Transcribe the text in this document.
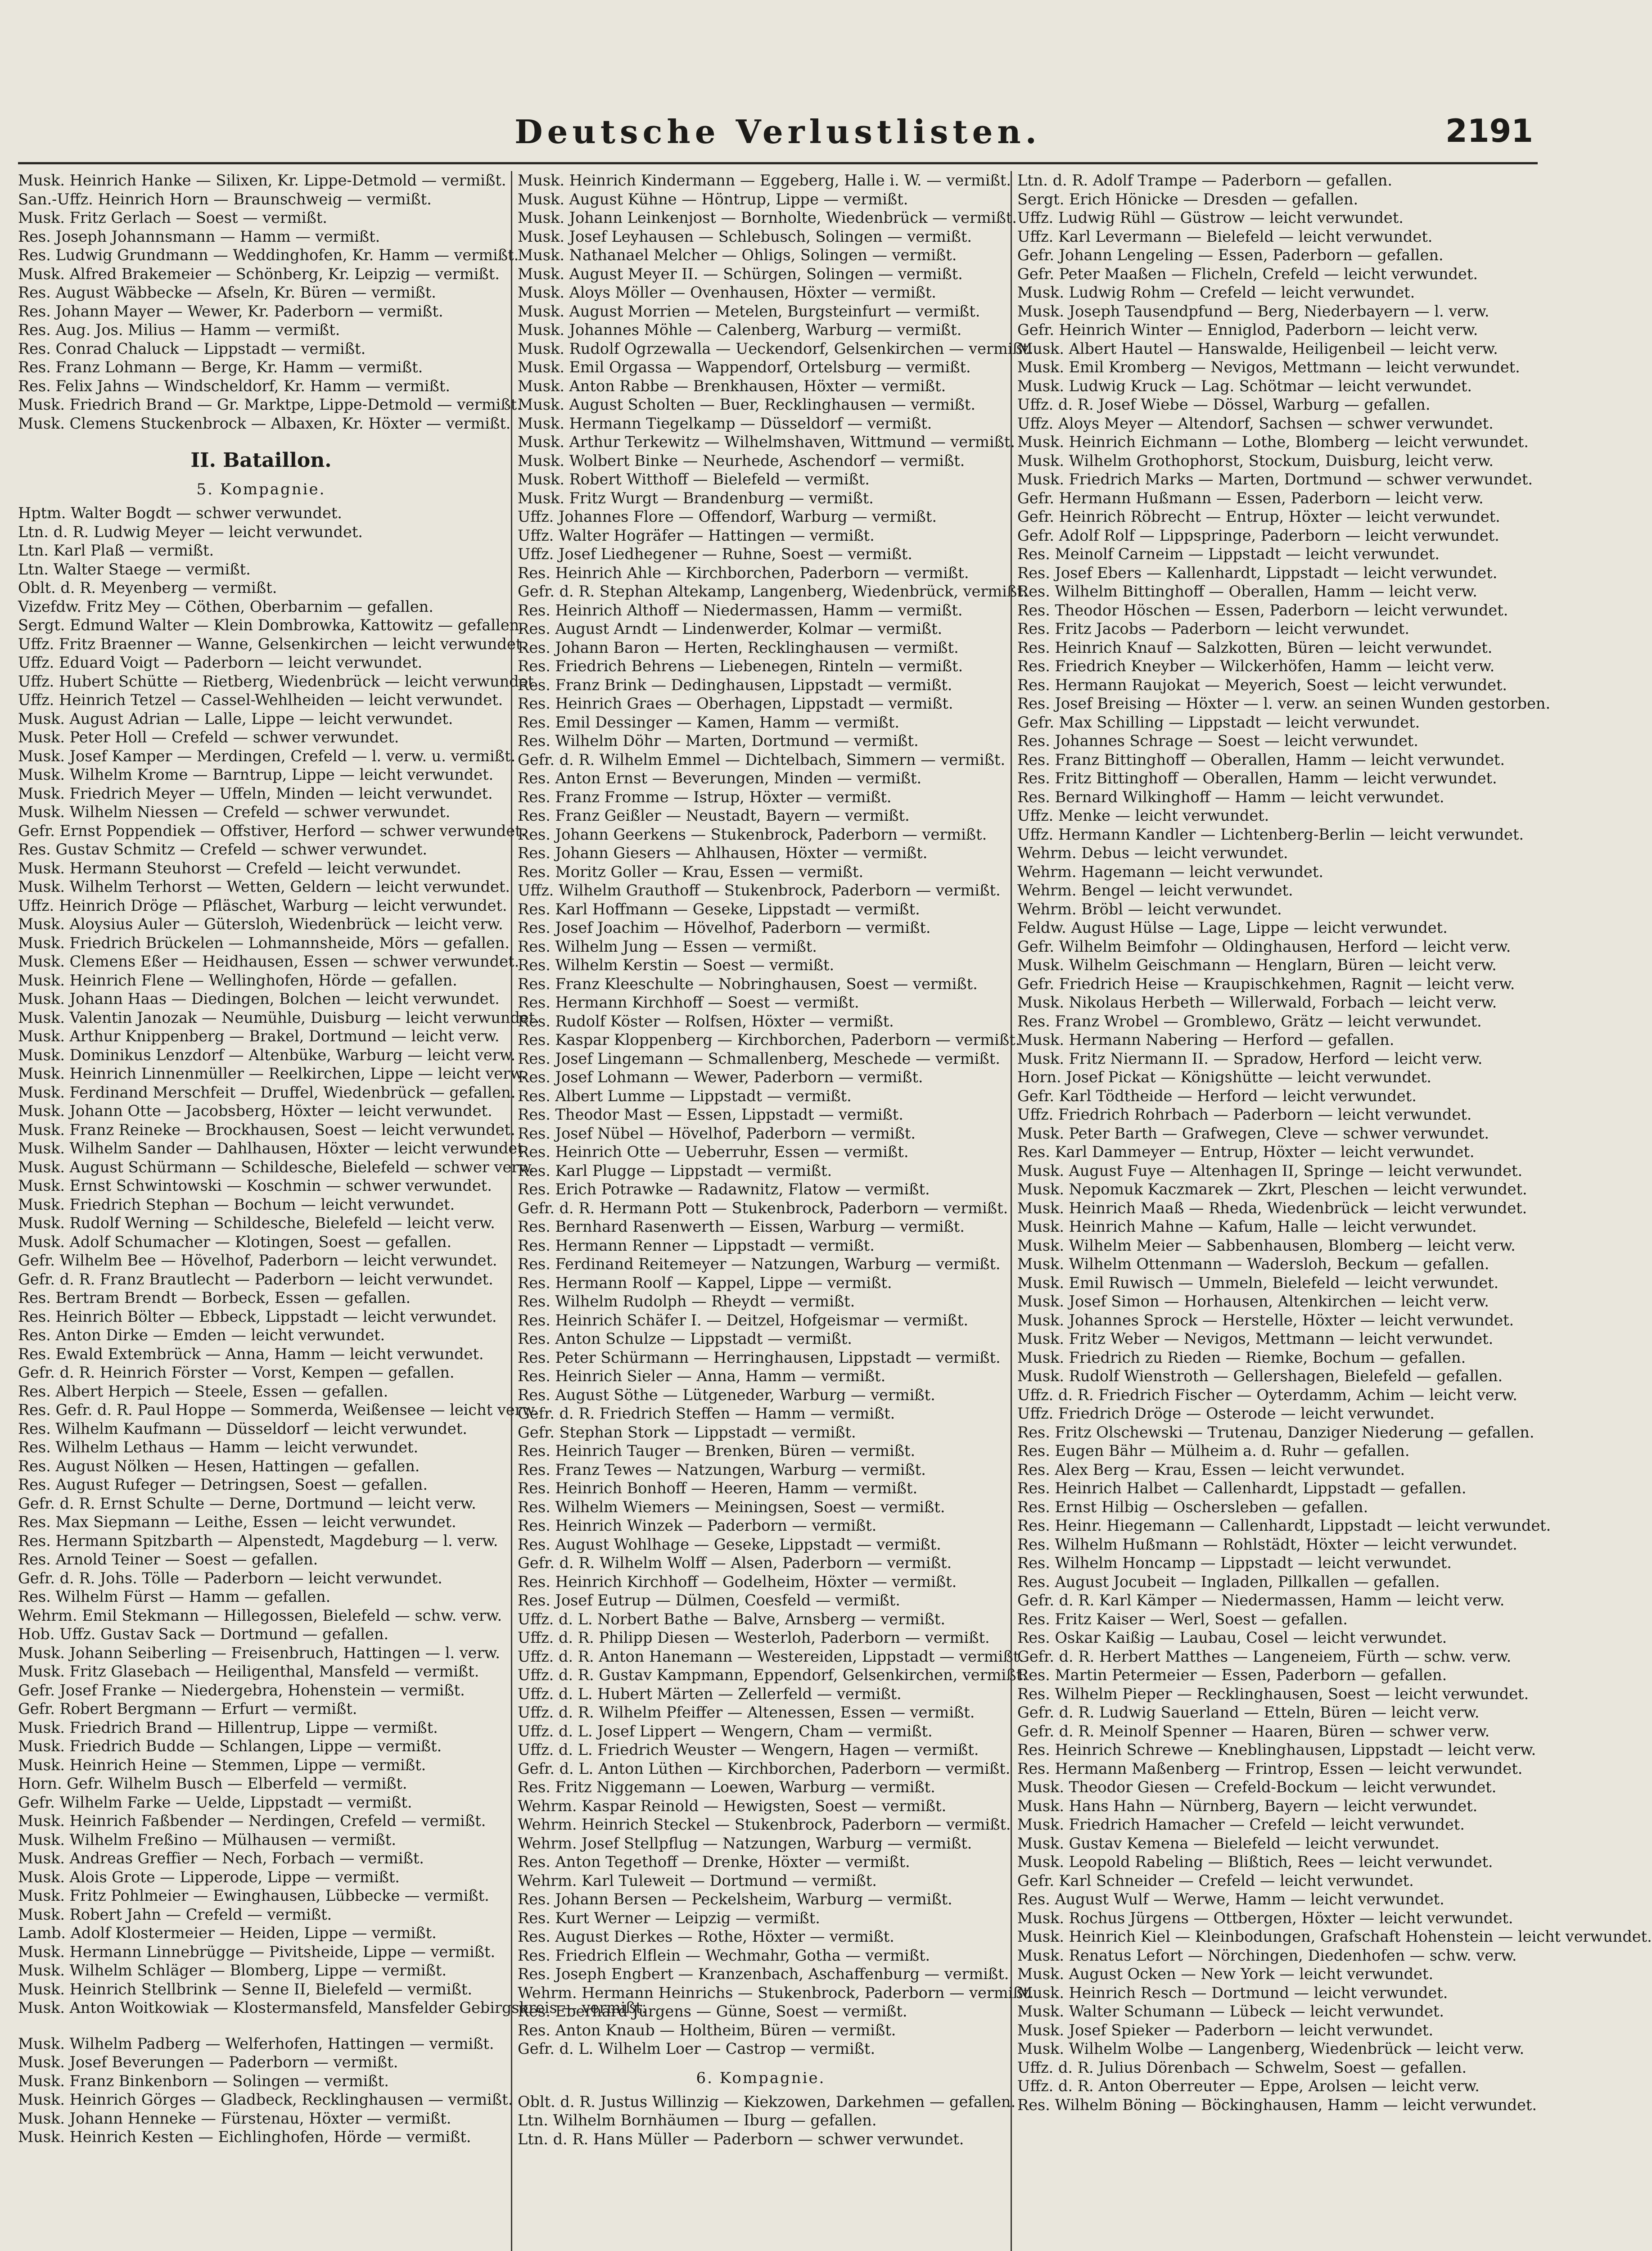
Deutsche Verlustlisten.	2191
Musk. Heinrich Hanke — Silixen, Kr. Lippe-Detmold — vermißt.
San.-Uffz. Heinrich Horn — Braunschweig — vermißt.
Musk. Fritz Gerlach — Soest — vermißt.
Res. Joseph Johannsmann — Hamm — vermißt.
Res. Ludwig Grundmann — Weddinghofen, Kr. Hamm — vermißt.
Musk. Alfred Brakemeier — Schönberg, Kr. Leipzig — vermißt.
Res. August Wäbbecke — Afseln, Kr. Büren — vermißt.
Res. Johann Mayer — Wewer, Kr. Paderborn — vermißt.
Res. Aug. Jos. Milius — Hamm — vermißt.
Res. Conrad Chaluck — Lippstadt — vermißt.
Res. Franz Lohmann — Berge, Kr. Hamm — vermißt.
Res. Felix Jahns — Windscheldorf, Kr. Hamm — vermißt.
Musk. Friedrich Brand — Gr. Marktpe, Lippe-Detmold — vermißt.
Musk. Clemens Stuckenbrock — Albaxen, Kr. Höxter — vermißt.
II. Bataillon.
5. Kompagnie.
Hptm. Walter Bogdt — schwer verwundet.
Ltn. d. R. Ludwig Meyer — leicht verwundet.
Ltn. Karl Plaß — vermißt.
Ltn. Walter Staege — vermißt.
Oblt. d. R. Meyenberg — vermißt.
Vizefdw. Fritz Mey — Cöthen, Oberbarnim — gefallen.
Sergt. Edmund Walter — Klein Dombrowka, Kattowitz — gefallen.
Uffz. Fritz Braenner — Wanne, Gelsenkirchen — leicht verwundet.
Uffz. Eduard Voigt — Paderborn — leicht verwundet.
Uffz. Hubert Schütte — Rietberg, Wiedenbrück — leicht verwundet.
Uffz. Heinrich Tetzel — Cassel-Wehlheiden — leicht verwundet.
Musk. August Adrian — Lalle, Lippe — leicht verwundet.
Musk. Peter Holl — Crefeld — schwer verwundet.
Musk. Josef Kamper — Merdingen, Crefeld — l. verw. u. vermißt.
Musk. Wilhelm Krome — Barntrup, Lippe — leicht verwundet.
Musk. Friedrich Meyer — Uffeln, Minden — leicht verwundet.
Musk. Wilhelm Niessen — Crefeld — schwer verwundet.
Gefr. Ernst Poppendiek — Offstiver, Herford — schwer verwundet.
Res. Gustav Schmitz — Crefeld — schwer verwundet.
Musk. Hermann Steuhorst — Crefeld — leicht verwundet.
Musk. Wilhelm Terhorst — Wetten, Geldern — leicht verwundet.
Uffz. Heinrich Dröge — Pfläschet, Warburg — leicht verwundet.
Musk. Aloysius Auler — Gütersloh, Wiedenbrück — leicht verw.
Musk. Friedrich Brückelen — Lohmannsheide, Mörs — gefallen.
Musk. Clemens Eßer — Heidhausen, Essen — schwer verwundet.
Musk. Heinrich Flene — Wellinghofen, Hörde — gefallen.
Musk. Johann Haas — Diedingen, Bolchen — leicht verwundet.
Musk. Valentin Janozak — Neumühle, Duisburg — leicht verwundet.
Musk. Arthur Knippenberg — Brakel, Dortmund — leicht verw.
Musk. Dominikus Lenzdorf — Altenbüke, Warburg — leicht verw.
Musk. Heinrich Linnenmüller — Reelkirchen, Lippe — leicht verw.
Musk. Ferdinand Merschfeit — Druffel, Wiedenbrück — gefallen.
Musk. Johann Otte — Jacobsberg, Höxter — leicht verwundet.
Musk. Franz Reineke — Brockhausen, Soest — leicht verwundet.
Musk. Wilhelm Sander — Dahlhausen, Höxter — leicht verwundet.
Musk. August Schürmann — Schildesche, Bielefeld — schwer verw.
Musk. Ernst Schwintowski — Koschmin — schwer verwundet.
Musk. Friedrich Stephan — Bochum — leicht verwundet.
Musk. Rudolf Werning — Schildesche, Bielefeld — leicht verw.
Musk. Adolf Schumacher — Klotingen, Soest — gefallen.
Gefr. Wilhelm Bee — Hövelhof, Paderborn — leicht verwundet.
Gefr. d. R. Franz Brautlecht — Paderborn — leicht verwundet.
Res. Bertram Brendt — Borbeck, Essen — gefallen.
Res. Heinrich Bölter — Ebbeck, Lippstadt — leicht verwundet.
Res. Anton Dirke — Emden — leicht verwundet.
Res. Ewald Extembrück — Anna, Hamm — leicht verwundet.
Gefr. d. R. Heinrich Förster — Vorst, Kempen — gefallen.
Res. Albert Herpich — Steele, Essen — gefallen.
Res. Gefr. d. R. Paul Hoppe — Sommerda, Weißensee — leicht verw.
Res. Wilhelm Kaufmann — Düsseldorf — leicht verwundet.
Res. Wilhelm Lethaus — Hamm — leicht verwundet.
Res. August Nölken — Hesen, Hattingen — gefallen.
Res. August Rufeger — Detringsen, Soest — gefallen.
Gefr. d. R. Ernst Schulte — Derne, Dortmund — leicht verw.
Res. Max Siepmann — Leithe, Essen — leicht verwundet.
Res. Hermann Spitzbarth — Alpenstedt, Magdeburg — l. verw.
Res. Arnold Teiner — Soest — gefallen.
Gefr. d. R. Johs. Tölle — Paderborn — leicht verwundet.
Res. Wilhelm Fürst — Hamm — gefallen.
Wehrm. Emil Stekmann — Hillegossen, Bielefeld — schw. verw.
Hob. Uffz. Gustav Sack — Dortmund — gefallen.
Musk. Johann Seiberling — Freisenbruch, Hattingen — l. verw.
Musk. Fritz Glasebach — Heiligenthal, Mansfeld — vermißt.
Gefr. Josef Franke — Niedergebra, Hohenstein — vermißt.
Gefr. Robert Bergmann — Erfurt — vermißt.
Musk. Friedrich Brand — Hillentrup, Lippe — vermißt.
Musk. Friedrich Budde — Schlangen, Lippe — vermißt.
Musk. Heinrich Heine — Stemmen, Lippe — vermißt.
Horn. Gefr. Wilhelm Busch — Elberfeld — vermißt.
Gefr. Wilhelm Farke — Uelde, Lippstadt — vermißt.
Musk. Heinrich Faßbender — Nerdingen, Crefeld — vermißt.
Musk. Wilhelm Freßino — Mülhausen — vermißt.
Musk. Andreas Greffier — Nech, Forbach — vermißt.
Musk. Alois Grote — Lipperode, Lippe — vermißt.
Musk. Fritz Pohlmeier — Ewinghausen, Lübbecke — vermißt.
Musk. Robert Jahn — Crefeld — vermißt.
Lamb. Adolf Klostermeier — Heiden, Lippe — vermißt.
Musk. Hermann Linnebrügge — Pivitsheide, Lippe — vermißt.
Musk. Wilhelm Schläger — Blomberg, Lippe — vermißt.
Musk. Heinrich Stellbrink — Senne II, Bielefeld — vermißt.
Musk. Anton Woitkowiak — Klostermansfeld, Mansfelder Gebirgskreis — vermißt.
Musk. Wilhelm Padberg — Welferhofen, Hattingen — vermißt.
Musk. Josef Beverungen — Paderborn — vermißt.
Musk. Franz Binkenborn — Solingen — vermißt.
Musk. Heinrich Görges — Gladbeck, Recklinghausen — vermißt.
Musk. Johann Henneke — Fürstenau, Höxter — vermißt.
Musk. Heinrich Kesten — Eichlinghofen, Hörde — vermißt.
Musk. Heinrich Kindermann — Eggeberg, Halle i. W. — vermißt.
Musk. August Kühne — Höntrup, Lippe — vermißt.
Musk. Johann Leinkenjost — Bornholte, Wiedenbrück — vermißt.
Musk. Josef Leyhausen — Schlebusch, Solingen — vermißt.
Musk. Nathanael Melcher — Ohligs, Solingen — vermißt.
Musk. August Meyer II. — Schürgen, Solingen — vermißt.
Musk. Aloys Möller — Ovenhausen, Höxter — vermißt.
Musk. August Morrien — Metelen, Burgsteinfurt — vermißt.
Musk. Johannes Möhle — Calenberg, Warburg — vermißt.
Musk. Rudolf Ogrzewalla — Ueckendorf, Gelsenkirchen — vermißt.
Musk. Emil Orgassa — Wappendorf, Ortelsburg — vermißt.
Musk. Anton Rabbe — Brenkhausen, Höxter — vermißt.
Musk. August Scholten — Buer, Recklinghausen — vermißt.
Musk. Hermann Tiegelkamp — Düsseldorf — vermißt.
Musk. Arthur Terkewitz — Wilhelmshaven, Wittmund — vermißt.
Musk. Wolbert Binke — Neurhede, Aschendorf — vermißt.
Musk. Robert Witthoff — Bielefeld — vermißt.
Musk. Fritz Wurgt — Brandenburg — vermißt.
Uffz. Johannes Flore — Offendorf, Warburg — vermißt.
Uffz. Walter Hogräfer — Hattingen — vermißt.
Uffz. Josef Liedhegener — Ruhne, Soest — vermißt.
Res. Heinrich Ahle — Kirchborchen, Paderborn — vermißt.
Gefr. d. R. Stephan Altekamp, Langenberg, Wiedenbrück, vermißt.
Res. Heinrich Althoff — Niedermassen, Hamm — vermißt.
Res. August Arndt — Lindenwerder, Kolmar — vermißt.
Res. Johann Baron — Herten, Recklinghausen — vermißt.
Res. Friedrich Behrens — Liebenegen, Rinteln — vermißt.
Res. Franz Brink — Dedinghausen, Lippstadt — vermißt.
Res. Heinrich Graes — Oberhagen, Lippstadt — vermißt.
Res. Emil Dessinger — Kamen, Hamm — vermißt.
Res. Wilhelm Döhr — Marten, Dortmund — vermißt.
Gefr. d. R. Wilhelm Emmel — Dichtelbach, Simmern — vermißt.
Res. Anton Ernst — Beverungen, Minden — vermißt.
Res. Franz Fromme — Istrup, Höxter — vermißt.
Res. Franz Geißler — Neustadt, Bayern — vermißt.
Res. Johann Geerkens — Stukenbrock, Paderborn — vermißt.
Res. Johann Giesers — Ahlhausen, Höxter — vermißt.
Res. Moritz Goller — Krau, Essen — vermißt.
Uffz. Wilhelm Grauthoff — Stukenbrock, Paderborn — vermißt.
Res. Karl Hoffmann — Geseke, Lippstadt — vermißt.
Res. Josef Joachim — Hövelhof, Paderborn — vermißt.
Res. Wilhelm Jung — Essen — vermißt.
Res. Wilhelm Kerstin — Soest — vermißt.
Res. Franz Kleeschulte — Nobringhausen, Soest — vermißt.
Res. Hermann Kirchhoff — Soest — vermißt.
Res. Rudolf Köster — Rolfsen, Höxter — vermißt.
Res. Kaspar Kloppenberg — Kirchborchen, Paderborn — vermißt.
Res. Josef Lingemann — Schmallenberg, Meschede — vermißt.
Res. Josef Lohmann — Wewer, Paderborn — vermißt.
Res. Albert Lumme — Lippstadt — vermißt.
Res. Theodor Mast — Essen, Lippstadt — vermißt.
Res. Josef Nübel — Hövelhof, Paderborn — vermißt.
Res. Heinrich Otte — Ueberruhr, Essen — vermißt.
Res. Karl Plugge — Lippstadt — vermißt.
Res. Erich Potrawke — Radawnitz, Flatow — vermißt.
Gefr. d. R. Hermann Pott — Stukenbrock, Paderborn — vermißt.
Res. Bernhard Rasenwerth — Eissen, Warburg — vermißt.
Res. Hermann Renner — Lippstadt — vermißt.
Res. Ferdinand Reitemeyer — Natzungen, Warburg — vermißt.
Res. Hermann Roolf — Kappel, Lippe — vermißt.
Res. Wilhelm Rudolph — Rheydt — vermißt.
Res. Heinrich Schäfer I. — Deitzel, Hofgeismar — vermißt.
Res. Anton Schulze — Lippstadt — vermißt.
Res. Peter Schürmann — Herringhausen, Lippstadt — vermißt.
Res. Heinrich Sieler — Anna, Hamm — vermißt.
Res. August Söthe — Lütgeneder, Warburg — vermißt.
Gefr. d. R. Friedrich Steffen — Hamm — vermißt.
Gefr. Stephan Stork — Lippstadt — vermißt.
Res. Heinrich Tauger — Brenken, Büren — vermißt.
Res. Franz Tewes — Natzungen, Warburg — vermißt.
Res. Heinrich Bonhoff — Heeren, Hamm — vermißt.
Res. Wilhelm Wiemers — Meiningsen, Soest — vermißt.
Res. Heinrich Winzek — Paderborn — vermißt.
Res. August Wohlhage — Geseke, Lippstadt — vermißt.
Gefr. d. R. Wilhelm Wolff — Alsen, Paderborn — vermißt.
Res. Heinrich Kirchhoff — Godelheim, Höxter — vermißt.
Res. Josef Eutrup — Dülmen, Coesfeld — vermißt.
Uffz. d. L. Norbert Bathe — Balve, Arnsberg — vermißt.
Uffz. d. R. Philipp Diesen — Westerloh, Paderborn — vermißt.
Uffz. d. R. Anton Hanemann — Westereiden, Lippstadt — vermißt.
Uffz. d. R. Gustav Kampmann, Eppendorf, Gelsenkirchen, vermißt.
Uffz. d. L. Hubert Märten — Zellerfeld — vermißt.
Uffz. d. R. Wilhelm Pfeiffer — Altenessen, Essen — vermißt.
Uffz. d. L. Josef Lippert — Wengern, Cham — vermißt.
Uffz. d. L. Friedrich Weuster — Wengern, Hagen — vermißt.
Gefr. d. L. Anton Lüthen — Kirchborchen, Paderborn — vermißt.
Res. Fritz Niggemann — Loewen, Warburg — vermißt.
Wehrm. Kaspar Reinold — Hewigsten, Soest — vermißt.
Wehrm. Heinrich Steckel — Stukenbrock, Paderborn — vermißt.
Wehrm. Josef Stellpflug — Natzungen, Warburg — vermißt.
Res. Anton Tegethoff — Drenke, Höxter — vermißt.
Wehrm. Karl Tuleweit — Dortmund — vermißt.
Res. Johann Bersen — Peckelsheim, Warburg — vermißt.
Res. Kurt Werner — Leipzig — vermißt.
Res. August Dierkes — Rothe, Höxter — vermißt.
Res. Friedrich Elflein — Wechmahr, Gotha — vermißt.
Res. Joseph Engbert — Kranzenbach, Aschaffenburg — vermißt.
Wehrm. Hermann Heinrichs — Stukenbrock, Paderborn — vermißt.
Res. Eberhard Jürgens — Günne, Soest — vermißt.
Res. Anton Knaub — Holtheim, Büren — vermißt.
Gefr. d. L. Wilhelm Loer — Castrop — vermißt.
6. Kompagnie.
Oblt. d. R. Justus Willinzig — Kiekzowen, Darkehmen — gefallen.
Ltn. Wilhelm Bornhäumen — Iburg — gefallen.
Ltn. d. R. Hans Müller — Paderborn — schwer verwundet.
Ltn. d. R. Adolf Trampe — Paderborn — gefallen.
Sergt. Erich Hönicke — Dresden — gefallen.
Uffz. Ludwig Rühl — Güstrow — leicht verwundet.
Uffz. Karl Levermann — Bielefeld — leicht verwundet.
Gefr. Johann Lengeling — Essen, Paderborn — gefallen.
Gefr. Peter Maaßen — Flicheln, Crefeld — leicht verwundet.
Musk. Ludwig Rohm — Crefeld — leicht verwundet.
Musk. Joseph Tausendpfund — Berg, Niederbayern — l. verw.
Gefr. Heinrich Winter — Enniglod, Paderborn — leicht verw.
Musk. Albert Hautel — Hanswalde, Heiligenbeil — leicht verw.
Musk. Emil Kromberg — Nevigos, Mettmann — leicht verwundet.
Musk. Ludwig Kruck — Lag. Schötmar — leicht verwundet.
Uffz. d. R. Josef Wiebe — Dössel, Warburg — gefallen.
Uffz. Aloys Meyer — Altendorf, Sachsen — schwer verwundet.
Musk. Heinrich Eichmann — Lothe, Blomberg — leicht verwundet.
Musk. Wilhelm Grothophorst, Stockum, Duisburg, leicht verw.
Musk. Friedrich Marks — Marten, Dortmund — schwer verwundet.
Gefr. Hermann Hußmann — Essen, Paderborn — leicht verw.
Gefr. Heinrich Röbrecht — Entrup, Höxter — leicht verwundet.
Gefr. Adolf Rolf — Lippspringe, Paderborn — leicht verwundet.
Res. Meinolf Carneim — Lippstadt — leicht verwundet.
Res. Josef Ebers — Kallenhardt, Lippstadt — leicht verwundet.
Res. Wilhelm Bittinghoff — Oberallen, Hamm — leicht verw.
Res. Theodor Höschen — Essen, Paderborn — leicht verwundet.
Res. Fritz Jacobs — Paderborn — leicht verwundet.
Res. Heinrich Knauf — Salzkotten, Büren — leicht verwundet.
Res. Friedrich Kneyber — Wilckerhöfen, Hamm — leicht verw.
Res. Hermann Raujokat — Meyerich, Soest — leicht verwundet.
Res. Josef Breising — Höxter — l. verw. an seinen Wunden gestorben.
Gefr. Max Schilling — Lippstadt — leicht verwundet.
Res. Johannes Schrage — Soest — leicht verwundet.
Res. Franz Bittinghoff — Oberallen, Hamm — leicht verwundet.
Res. Fritz Bittinghoff — Oberallen, Hamm — leicht verwundet.
Res. Bernard Wilkinghoff — Hamm — leicht verwundet.
Uffz. Menke — leicht verwundet.
Uffz. Hermann Kandler — Lichtenberg-Berlin — leicht verwundet.
Wehrm. Debus — leicht verwundet.
Wehrm. Hagemann — leicht verwundet.
Wehrm. Bengel — leicht verwundet.
Wehrm. Bröbl — leicht verwundet.
Feldw. August Hülse — Lage, Lippe — leicht verwundet.
Gefr. Wilhelm Beimfohr — Oldinghausen, Herford — leicht verw.
Musk. Wilhelm Geischmann — Henglarn, Büren — leicht verw.
Gefr. Friedrich Heise — Kraupischkehmen, Ragnit — leicht verw.
Musk. Nikolaus Herbeth — Willerwald, Forbach — leicht verw.
Res. Franz Wrobel — Gromblewo, Grätz — leicht verwundet.
Musk. Hermann Nabering — Herford — gefallen.
Musk. Fritz Niermann II. — Spradow, Herford — leicht verw.
Horn. Josef Pickat — Königshütte — leicht verwundet.
Gefr. Karl Tödtheide — Herford — leicht verwundet.
Uffz. Friedrich Rohrbach — Paderborn — leicht verwundet.
Musk. Peter Barth — Grafwegen, Cleve — schwer verwundet.
Res. Karl Dammeyer — Entrup, Höxter — leicht verwundet.
Musk. August Fuye — Altenhagen II, Springe — leicht verwundet.
Musk. Nepomuk Kaczmarek — Zkrt, Pleschen — leicht verwundet.
Musk. Heinrich Maaß — Rheda, Wiedenbrück — leicht verwundet.
Musk. Heinrich Mahne — Kafum, Halle — leicht verwundet.
Musk. Wilhelm Meier — Sabbenhausen, Blomberg — leicht verw.
Musk. Wilhelm Ottenmann — Wadersloh, Beckum — gefallen.
Musk. Emil Ruwisch — Ummeln, Bielefeld — leicht verwundet.
Musk. Josef Simon — Horhausen, Altenkirchen — leicht verw.
Musk. Johannes Sprock — Herstelle, Höxter — leicht verwundet.
Musk. Fritz Weber — Nevigos, Mettmann — leicht verwundet.
Musk. Friedrich zu Rieden — Riemke, Bochum — gefallen.
Musk. Rudolf Wienstroth — Gellershagen, Bielefeld — gefallen.
Uffz. d. R. Friedrich Fischer — Oyterdamm, Achim — leicht verw.
Uffz. Friedrich Dröge — Osterode — leicht verwundet.
Res. Fritz Olschewski — Trutenau, Danziger Niederung — gefallen.
Res. Eugen Bähr — Mülheim a. d. Ruhr — gefallen.
Res. Alex Berg — Krau, Essen — leicht verwundet.
Res. Heinrich Halbet — Callenhardt, Lippstadt — gefallen.
Res. Ernst Hilbig — Oschersleben — gefallen.
Res. Heinr. Hiegemann — Callenhardt, Lippstadt — leicht verwundet.
Res. Wilhelm Hußmann — Rohlstädt, Höxter — leicht verwundet.
Res. Wilhelm Honcamp — Lippstadt — leicht verwundet.
Res. August Jocubeit — Ingladen, Pillkallen — gefallen.
Gefr. d. R. Karl Kämper — Niedermassen, Hamm — leicht verw.
Res. Fritz Kaiser — Werl, Soest — gefallen.
Res. Oskar Kaißig — Laubau, Cosel — leicht verwundet.
Gefr. d. R. Herbert Matthes — Langeneiem, Fürth — schw. verw.
Res. Martin Petermeier — Essen, Paderborn — gefallen.
Res. Wilhelm Pieper — Recklinghausen, Soest — leicht verwundet.
Gefr. d. R. Ludwig Sauerland — Etteln, Büren — leicht verw.
Gefr. d. R. Meinolf Spenner — Haaren, Büren — schwer verw.
Res. Heinrich Schrewe — Kneblinghausen, Lippstadt — leicht verw.
Res. Hermann Maßenberg — Frintrop, Essen — leicht verwundet.
Musk. Theodor Giesen — Crefeld-Bockum — leicht verwundet.
Musk. Hans Hahn — Nürnberg, Bayern — leicht verwundet.
Musk. Friedrich Hamacher — Crefeld — leicht verwundet.
Musk. Gustav Kemena — Bielefeld — leicht verwundet.
Musk. Leopold Rabeling — Blißtich, Rees — leicht verwundet.
Gefr. Karl Schneider — Crefeld — leicht verwundet.
Res. August Wulf — Werwe, Hamm — leicht verwundet.
Musk. Rochus Jürgens — Ottbergen, Höxter — leicht verwundet.
Musk. Heinrich Kiel — Kleinbodungen, Grafschaft Hohenstein — leicht verwundet.
Musk. Renatus Lefort — Nörchingen, Diedenhofen — schw. verw.
Musk. August Ocken — New York — leicht verwundet.
Musk. Heinrich Resch — Dortmund — leicht verwundet.
Musk. Walter Schumann — Lübeck — leicht verwundet.
Musk. Josef Spieker — Paderborn — leicht verwundet.
Musk. Wilhelm Wolbe — Langenberg, Wiedenbrück — leicht verw.
Uffz. d. R. Julius Dörenbach — Schwelm, Soest — gefallen.
Uffz. d. R. Anton Oberreuter — Eppe, Arolsen — leicht verw.
Res. Wilhelm Böning — Böckinghausen, Hamm — leicht verwundet.
